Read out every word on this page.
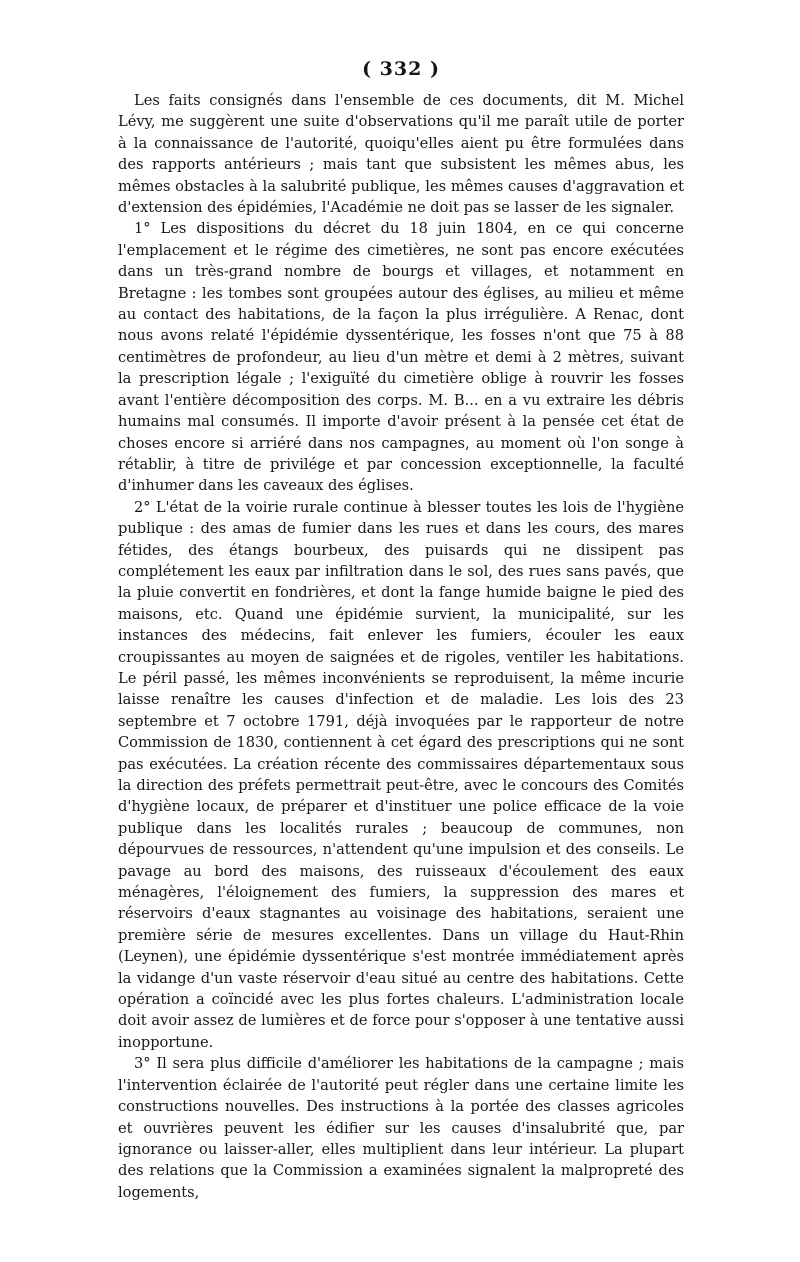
( 332 )

Les faits consignés dans l'ensemble de ces documents, dit M. Michel Lévy, me suggèrent une suite d'observations qu'il me paraît utile de porter à la connaissance de l'autorité, quoiqu'elles aient pu être formulées dans des rapports antérieurs ; mais tant que subsistent les mêmes abus, les mêmes obstacles à la salubrité publique, les mêmes causes d'aggravation et d'extension des épidémies, l'Académie ne doit pas se lasser de les signaler.

1° Les dispositions du décret du 18 juin 1804, en ce qui concerne l'emplacement et le régime des cimetières, ne sont pas encore exécutées dans un très-grand nombre de bourgs et villages, et notamment en Bretagne : les tombes sont groupées autour des églises, au milieu et même au contact des habitations, de la façon la plus irrégulière. A Renac, dont nous avons relaté l'épidémie dyssentérique, les fosses n'ont que 75 à 88 centimètres de profondeur, au lieu d'un mètre et demi à 2 mètres, suivant la prescription légale ; l'exiguïté du cimetière oblige à rouvrir les fosses avant l'entière décomposition des corps. M. B... en a vu extraire les débris humains mal consumés. Il importe d'avoir présent à la pensée cet état de choses encore si arriéré dans nos campagnes, au moment où l'on songe à rétablir, à titre de privilége et par concession exceptionnelle, la faculté d'inhumer dans les caveaux des églises.

2° L'état de la voirie rurale continue à blesser toutes les lois de l'hygiène publique : des amas de fumier dans les rues et dans les cours, des mares fétides, des étangs bourbeux, des puisards qui ne dissipent pas complétement les eaux par infiltration dans le sol, des rues sans pavés, que la pluie convertit en fondrières, et dont la fange humide baigne le pied des maisons, etc. Quand une épidémie survient, la municipalité, sur les instances des médecins, fait enlever les fumiers, écouler les eaux croupissantes au moyen de saignées et de rigoles, ventiler les habitations. Le péril passé, les mêmes inconvénients se reproduisent, la même incurie laisse renaître les causes d'infection et de maladie. Les lois des 23 septembre et 7 octobre 1791, déjà invoquées par le rapporteur de notre Commission de 1830, contiennent à cet égard des prescriptions qui ne sont pas exécutées. La création récente des commissaires départementaux sous la direction des préfets permettrait peut-être, avec le concours des Comités d'hygiène locaux, de préparer et d'instituer une police efficace de la voie publique dans les localités rurales ; beaucoup de communes, non dépourvues de ressources, n'attendent qu'une impulsion et des conseils. Le pavage au bord des maisons, des ruisseaux d'écoulement des eaux ménagères, l'éloignement des fumiers, la suppression des mares et réservoirs d'eaux stagnantes au voisinage des habitations, seraient une première série de mesures excellentes. Dans un village du Haut-Rhin (Leynen), une épidémie dyssentérique s'est montrée immédiatement après la vidange d'un vaste réservoir d'eau situé au centre des habitations. Cette opération a coïncidé avec les plus fortes chaleurs. L'administration locale doit avoir assez de lumières et de force pour s'opposer à une tentative aussi inopportune.

3° Il sera plus difficile d'améliorer les habitations de la campagne ; mais l'intervention éclairée de l'autorité peut régler dans une certaine limite les constructions nouvelles. Des instructions à la portée des classes agricoles et ouvrières peuvent les édifier sur les causes d'insalubrité que, par ignorance ou laisser-aller, elles multiplient dans leur intérieur. La plupart des relations que la Commission a examinées signalent la malpropreté des logements,
